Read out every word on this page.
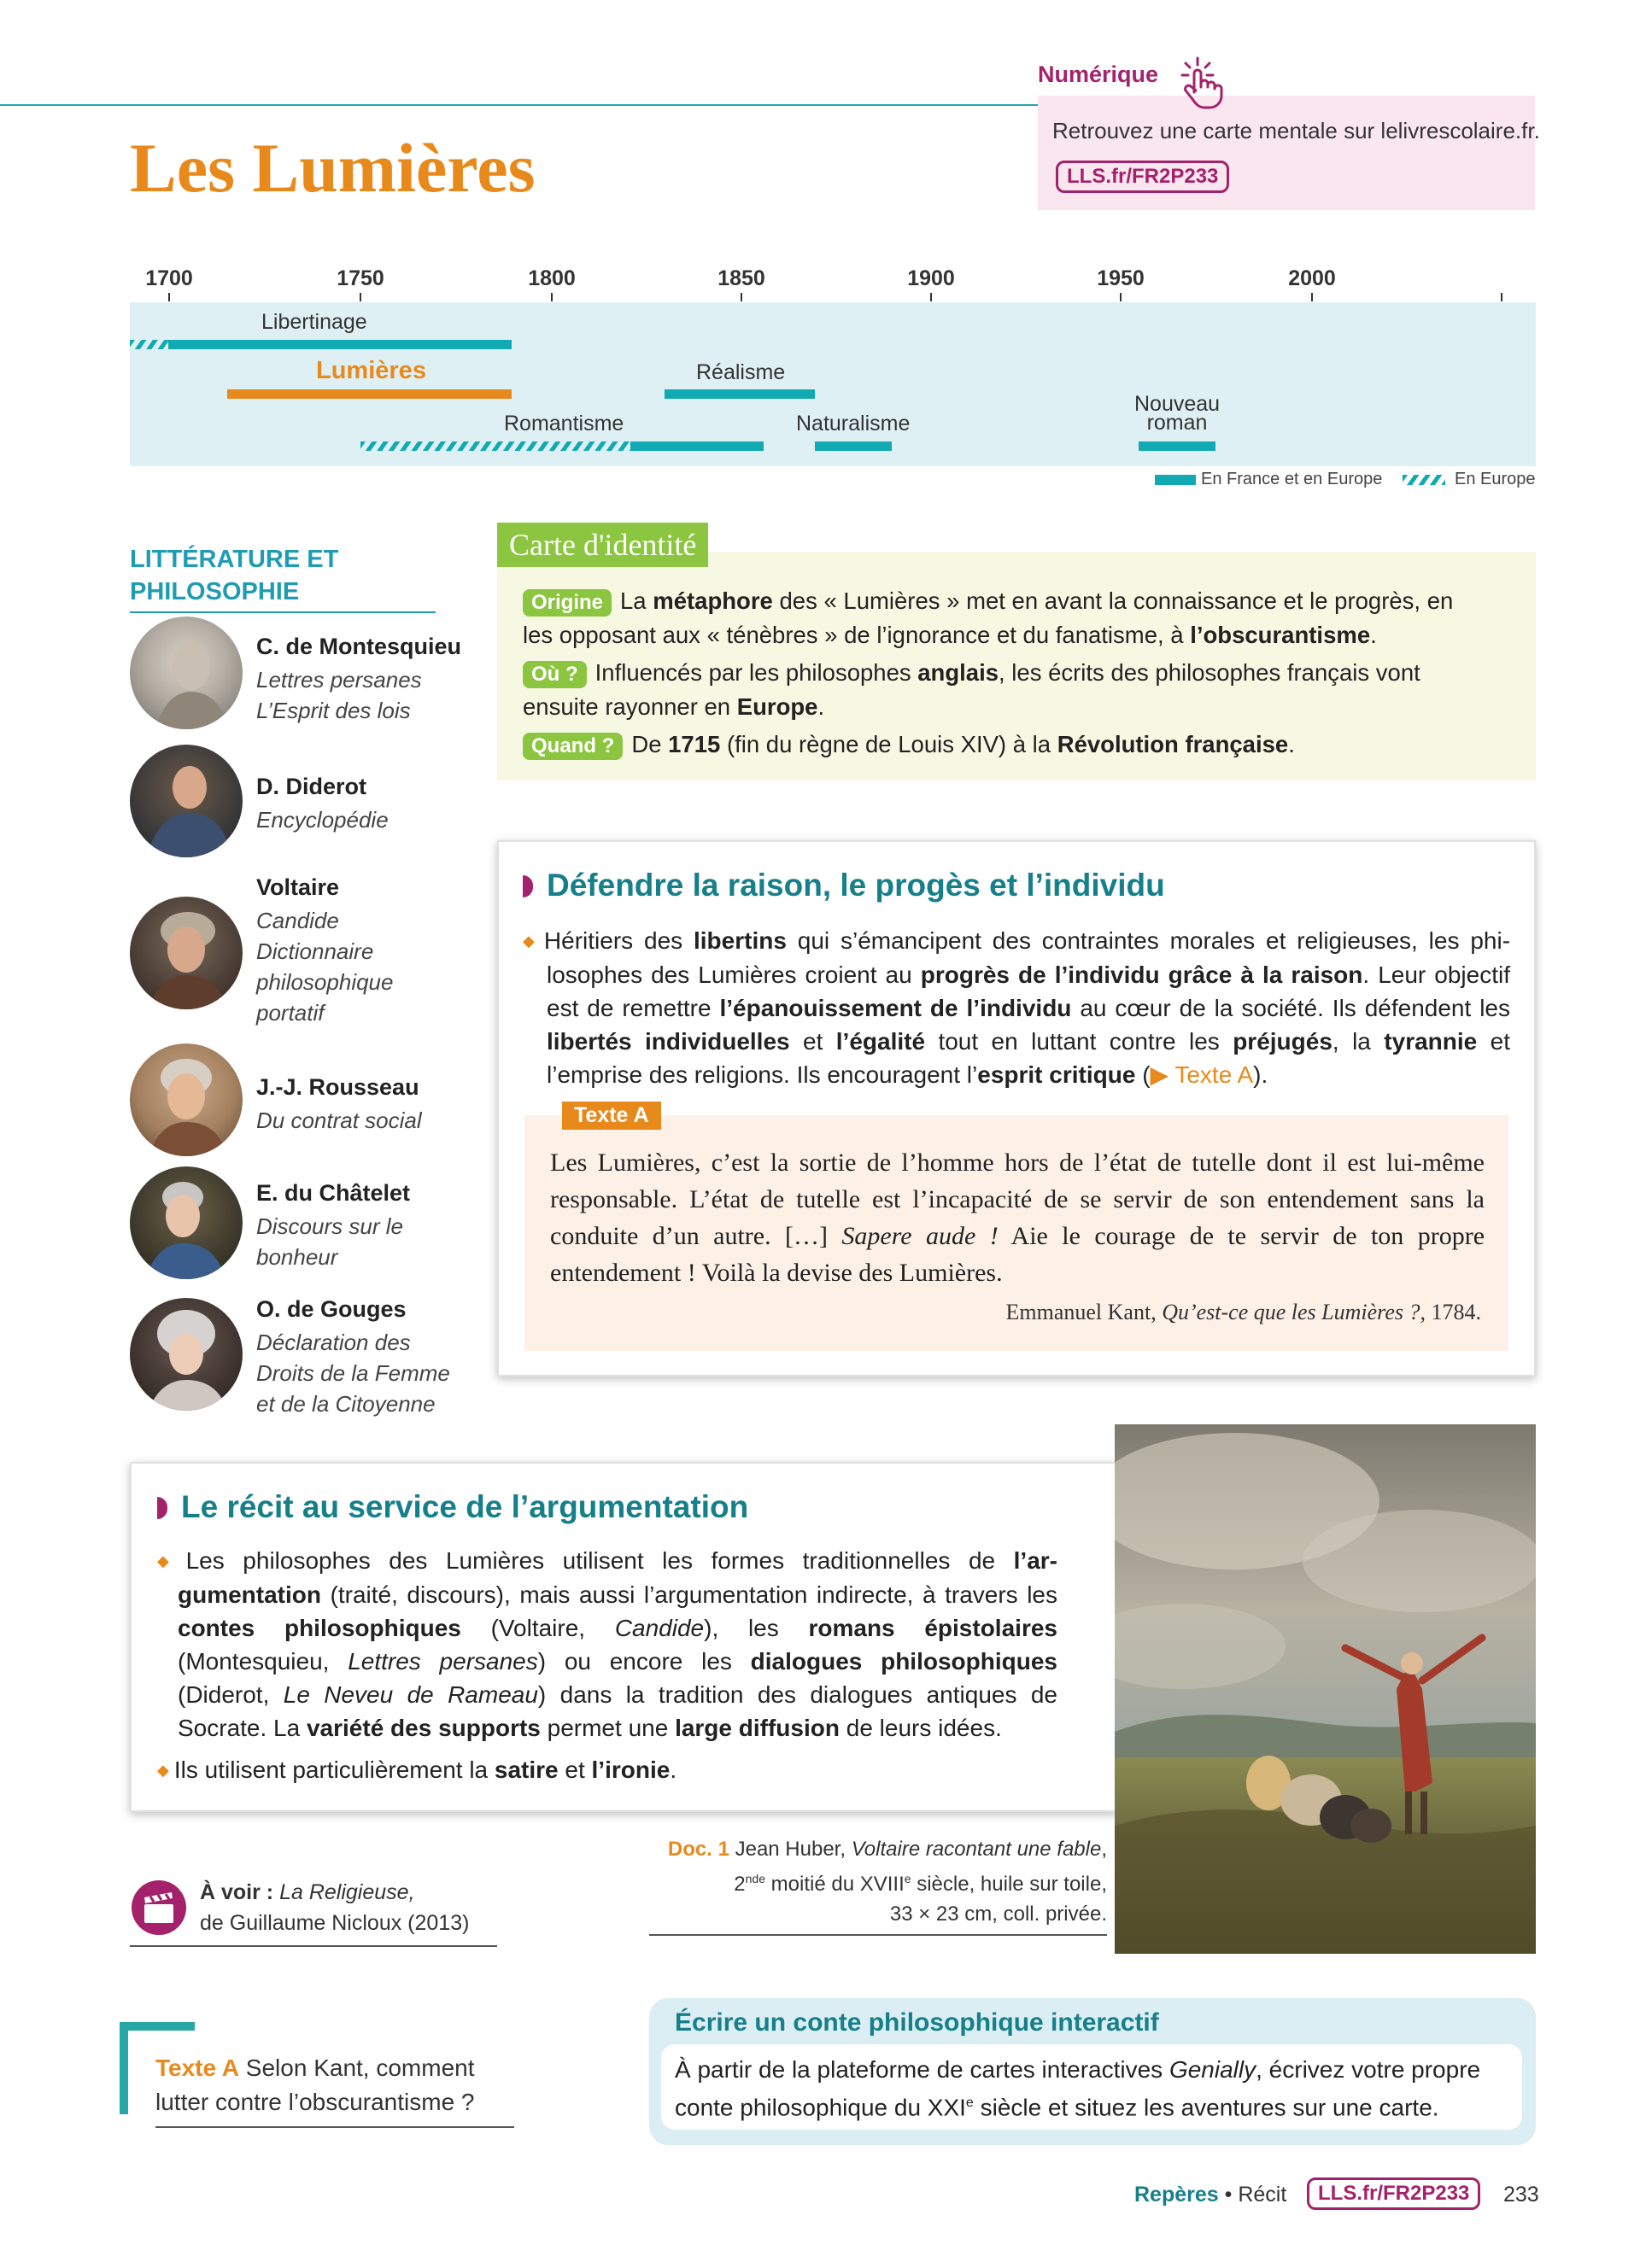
Les Lumières
Numérique
Retrouvez une carte mentale sur lelivrescolaire.fr.
LLS.fr/FR2P233
1700	1750	1800	1850	1900	1950	2000
Libertinage
Lumières	Réalisme
Romantisme	Naturalisme
Nouveau
roman
En France et en Europe	En Europe
LITTÉRATURE ET
PHILOSOPHIE
C. de Montesquieu
Lettres persanes
L’Esprit des lois
D. Diderot
Encyclopédie
Voltaire
Candide
Dictionnaire
philosophique
portatif
J.-J. Rousseau
Du contrat social
E. du Châtelet
Discours sur le
bonheur
O. de Gouges
Déclaration des
Droits de la Femme
et de la Citoyenne
Carte d'identité
Origine La métaphore des « Lumières » met en avant la connaissance et le progrès, en
les opposant aux « ténèbres » de l’ignorance et du fanatisme, à l’obscurantisme.
Où ? Influencés par les philosophes anglais, les écrits des philosophes français vont
ensuite rayonner en Europe.
Quand ? De 1715 (fin du règne de Louis XIV) à la Révolution française.
Défendre la raison, le progès et l’individu
◆ Héritiers des libertins qui s’émancipent des contraintes morales et religieuses, les philosophes des Lumières croient au progrès de l’individu grâce à la raison. Leur objectif est de remettre l’épanouissement de l’individu au cœur de la société. Ils défendent les libertés individuelles et l’égalité tout en luttant contre les préjugés, la tyrannie et l’emprise des religions. Ils encouragent l’esprit critique (▶ Texte A).
Texte A
Les Lumières, c’est la sortie de l’homme hors de l’état de tutelle dont il est lui-même responsable. L’état de tutelle est l’incapacité de se servir de son entendement sans la conduite d’un autre. […] Sapere aude ! Aie le courage de te servir de ton propre entendement ! Voilà la devise des Lumières.
Emmanuel Kant, Qu’est-ce que les Lumières ?, 1784.
Le récit au service de l’argumentation
◆ Les philosophes des Lumières utilisent les formes traditionnelles de l’argumentation (traité, discours), mais aussi l’argumentation indirecte, à travers les contes philosophiques (Voltaire, Candide), les romans épistolaires (Montesquieu, Lettres persanes) ou encore les dialogues philosophiques (Diderot, Le Neveu de Rameau) dans la tradition des dialogues antiques de Socrate. La variété des supports permet une large diffusion de leurs idées.
◆ Ils utilisent particulièrement la satire et l’ironie.
Doc. 1 Jean Huber, Voltaire racontant une fable,
2nde moitié du XVIIIe siècle, huile sur toile,
33 × 23 cm, coll. privée.
À voir : La Religieuse,
de Guillaume Nicloux (2013)
Texte A Selon Kant, comment
lutter contre l’obscurantisme ?
Écrire un conte philosophique interactif
À partir de la plateforme de cartes interactives Genially, écrivez votre propre
conte philosophique du XXIe siècle et situez les aventures sur une carte.
Repères • Récit	LLS.fr/FR2P233	233
